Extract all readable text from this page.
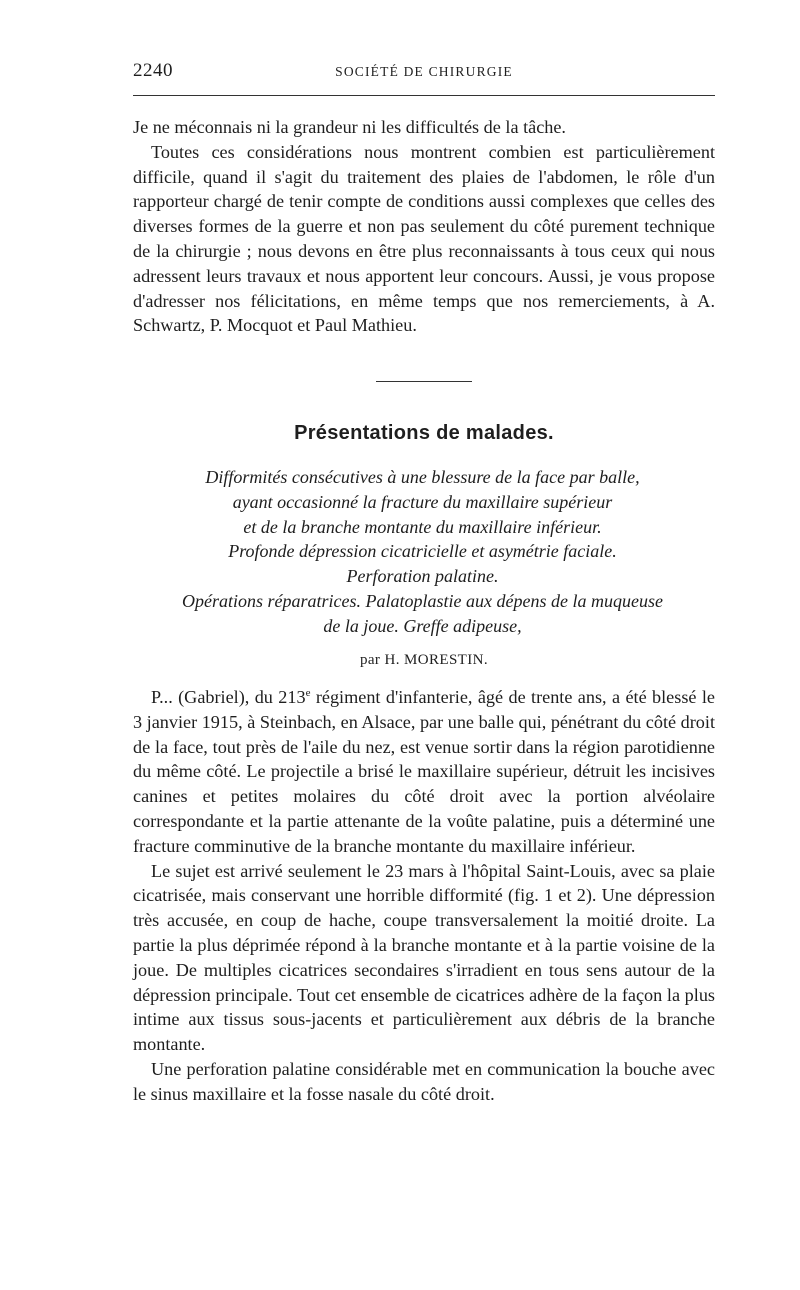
2240	SOCIÉTÉ DE CHIRURGIE

Je ne méconnais ni la grandeur ni les difficultés de la tâche.

Toutes ces considérations nous montrent combien est particulièrement difficile, quand il s'agit du traitement des plaies de l'abdomen, le rôle d'un rapporteur chargé de tenir compte de conditions aussi complexes que celles des diverses formes de la guerre et non pas seulement du côté purement technique de la chirurgie ; nous devons en être plus reconnaissants à tous ceux qui nous adressent leurs travaux et nous apportent leur concours. Aussi, je vous propose d'adresser nos félicitations, en même temps que nos remerciements, à A. Schwartz, P. Mocquot et Paul Mathieu.

Présentations de malades.
Difformités consécutives à une blessure de la face par balle,
ayant occasionné la fracture du maxillaire supérieur
et de la branche montante du maxillaire inférieur.
Profonde dépression cicatricielle et asymétrie faciale.
Perforation palatine.
Opérations réparatrices. Palatoplastie aux dépens de la muqueuse
de la joue. Greffe adipeuse,
par H. MORESTIN.

P... (Gabriel), du 213e régiment d'infanterie, âgé de trente ans, a été blessé le 3 janvier 1915, à Steinbach, en Alsace, par une balle qui, pénétrant du côté droit de la face, tout près de l'aile du nez, est venue sortir dans la région parotidienne du même côté. Le projectile a brisé le maxillaire supérieur, détruit les incisives canines et petites molaires du côté droit avec la portion alvéolaire correspondante et la partie attenante de la voûte palatine, puis a déterminé une fracture comminutive de la branche montante du maxillaire inférieur.

Le sujet est arrivé seulement le 23 mars à l'hôpital Saint-Louis, avec sa plaie cicatrisée, mais conservant une horrible difformité (fig. 1 et 2). Une dépression très accusée, en coup de hache, coupe transversalement la moitié droite. La partie la plus déprimée répond à la branche montante et à la partie voisine de la joue. De multiples cicatrices secondaires s'irradient en tous sens autour de la dépression principale. Tout cet ensemble de cicatrices adhère de la façon la plus intime aux tissus sous-jacents et particulièrement aux débris de la branche montante.

Une perforation palatine considérable met en communication la bouche avec le sinus maxillaire et la fosse nasale du côté droit.
